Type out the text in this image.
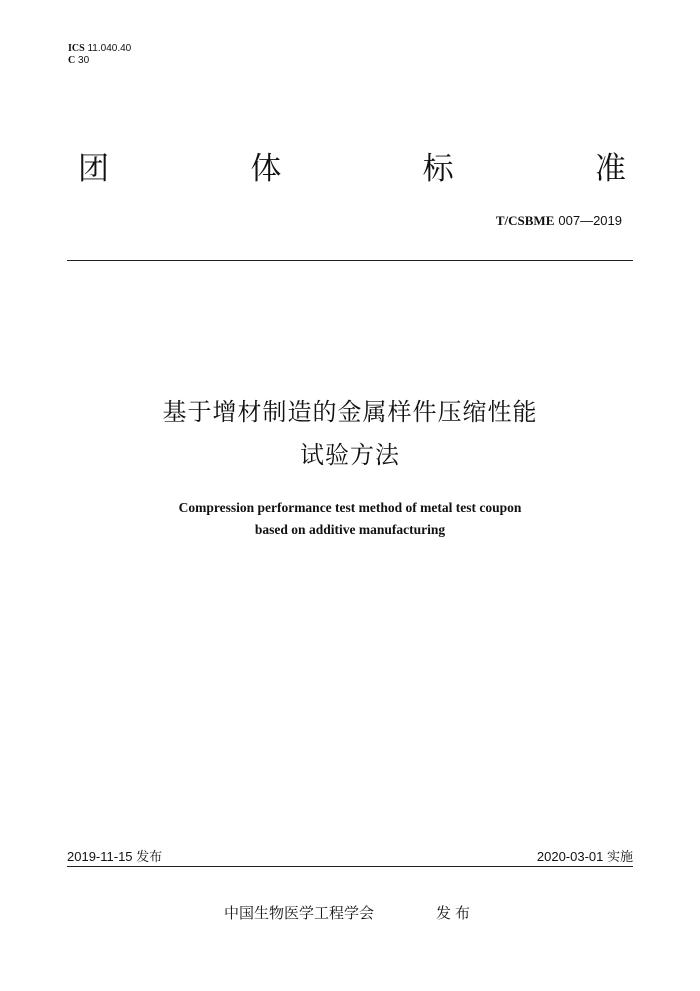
ICS 11.040.40
C 30
团	体	标	准
T/CSBME 007—2019
基于增材制造的金属样件压缩性能
试验方法
Compression performance test method of metal test coupon
based on additive manufacturing
2019-11-15 发布	2020-03-01 实施
中国生物医学工程学会	发布
